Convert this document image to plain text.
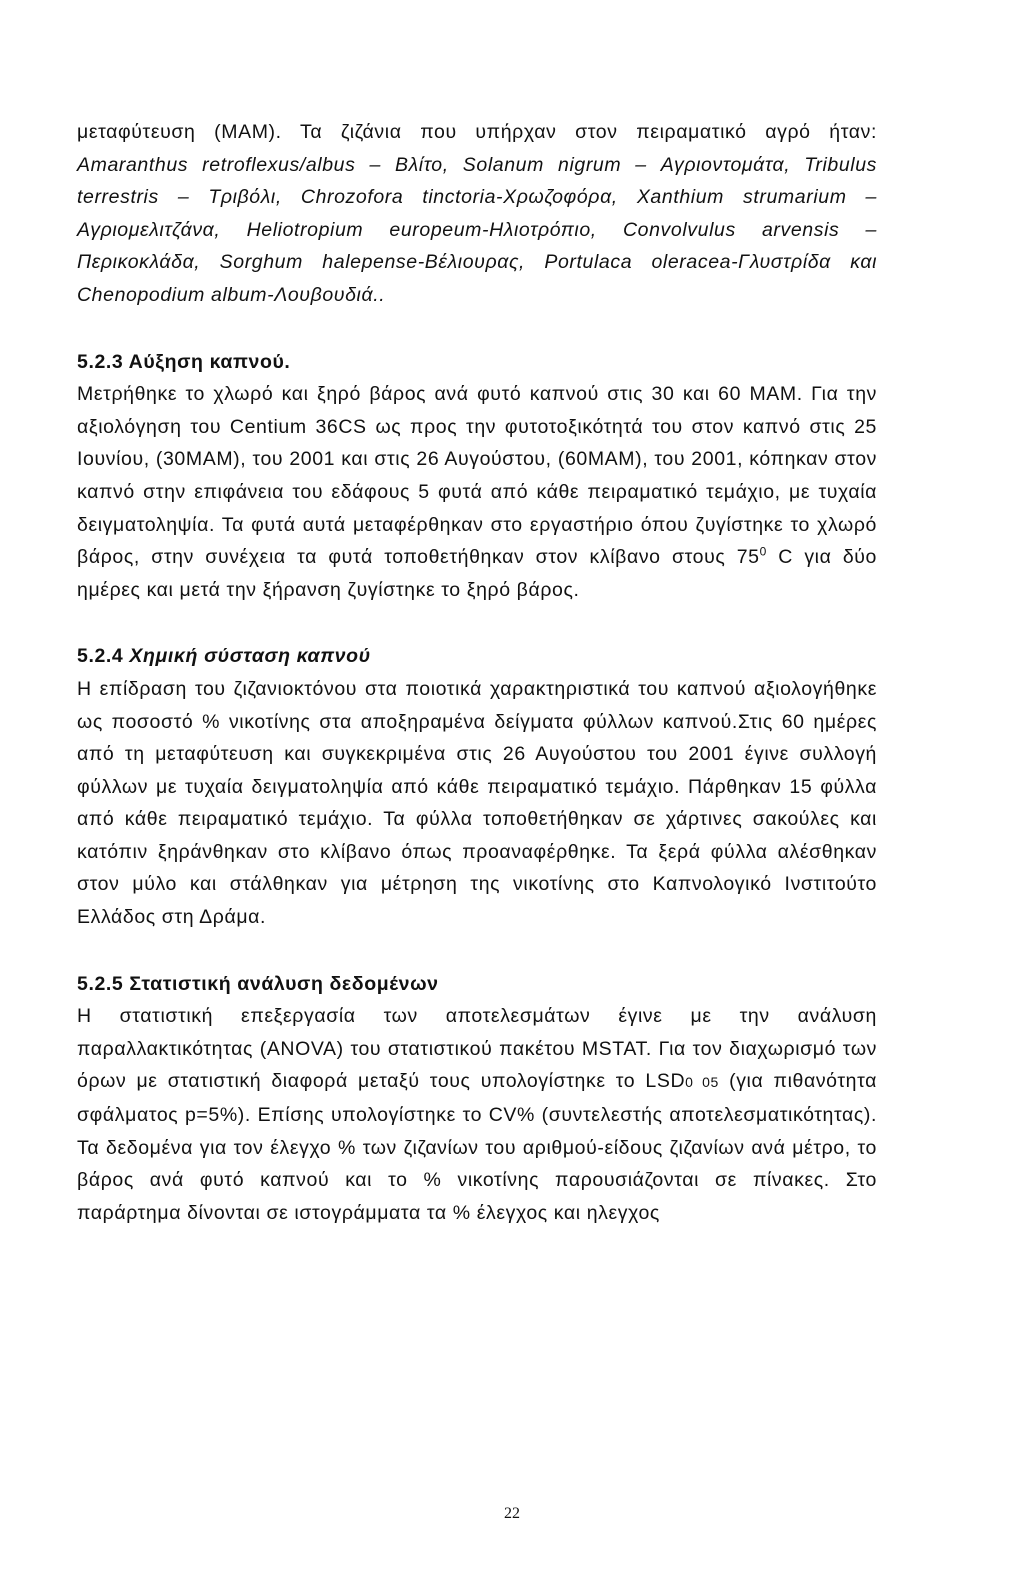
μεταφύτευση (MAM). Τα ζιζάνια που υπήρχαν στον πειραματικό αγρό ήταν: Amaranthus retroflexus/albus – Βλίτο, Solanum nigrum – Αγριοντομάτα, Tribulus terrestris – Τριβόλι, Chrozofora tinctoria-Χρωζοφόρα, Xanthium strumarium –Αγριομελιτζάνα, Heliotropium europeum-Ηλιοτρόπιο, Convolvulus arvensis – Περικοκλάδα, Sorghum halepense-Βέλιουρας, Portulaca oleracea-Γλυστρίδα και Chenopodium album-Λουβουδιά..

5.2.3 Αύξηση καπνού.

Μετρήθηκε το χλωρό και ξηρό βάρος ανά φυτό καπνού στις 30 και 60 MAM. Για την αξιολόγηση του Centium 36CS ως προς την φυτοτοξικότητά του στον καπνό στις 25 Ιουνίου, (30MAM), του 2001 και στις 26 Αυγούστου, (60MAM), του 2001, κόπηκαν στον καπνό στην επιφάνεια του εδάφους 5 φυτά από κάθε πειραματικό τεμάχιο, με τυχαία δειγματοληψία. Τα φυτά αυτά μεταφέρθηκαν στο εργαστήριο όπου ζυγίστηκε το χλωρό βάρος, στην συνέχεια τα φυτά τοποθετήθηκαν στον κλίβανο στους $75^0$ C για δύο ημέρες και μετά την ξήρανση ζυγίστηκε το ξηρό βάρος.

5.2.4 Χημική σύσταση καπνού

Η επίδραση του ζιζανιοκτόνου στα ποιοτικά χαρακτηριστικά του καπνού αξιολογήθηκε ως ποσοστό % νικοτίνης στα αποξηραμένα δείγματα φύλλων καπνού.Στις 60 ημέρες από τη μεταφύτευση και συγκεκριμένα στις 26 Αυγούστου του 2001 έγινε συλλογή φύλλων με τυχαία δειγματοληψία από κάθε πειραματικό τεμάχιο. Πάρθηκαν 15 φύλλα από κάθε πειραματικό τεμάχιο. Τα φύλλα τοποθετήθηκαν σε χάρτινες σακούλες και κατόπιν ξηράνθηκαν στο κλίβανο όπως προαναφέρθηκε. Τα ξερά φύλλα αλέσθηκαν στον μύλο και στάλθηκαν για μέτρηση της νικοτίνης στο Καπνολογικό Ινστιτούτο Ελλάδος στη Δράμα.

5.2.5 Στατιστική ανάλυση δεδομένων

Η στατιστική επεξεργασία των αποτελεσμάτων έγινε με την ανάλυση παραλλακτικότητας (ANOVA) του στατιστικού πακέτου MSTAT. Για τον διαχωρισμό των όρων με στατιστική διαφορά μεταξύ τους υπολογίστηκε το LSD0 05 (για πιθανότητα σφάλματος p=5%). Επίσης υπολογίστηκε το CV% (συντελεστής αποτελεσματικότητας). Τα δεδομένα για τον έλεγχο % των ζιζανίων του αριθμού-είδους ζιζανίων ανά μέτρο, το βάρος ανά φυτό καπνού και το % νικοτίνης παρουσιάζονται σε πίνακες. Στο παράρτημα δίνονται σε ιστογράμματα τα % έλεγχος και ηλεγχος

22
